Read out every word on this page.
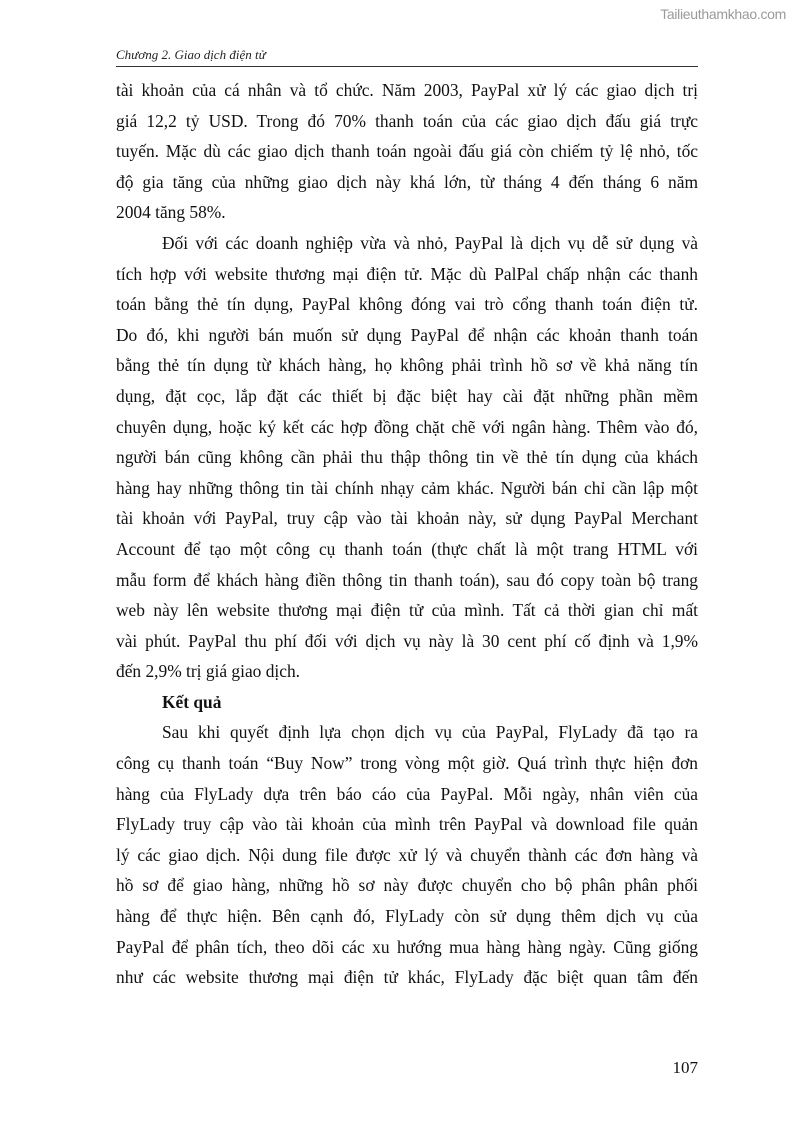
Tailieuthamkhao.com
Chương 2. Giao dịch điện tử
tài khoản của cá nhân và tổ chức. Năm 2003, PayPal xử lý các giao dịch trị
giá 12,2 tỷ USD. Trong đó 70% thanh toán của các giao dịch đấu giá trực
tuyến. Mặc dù các giao dịch thanh toán ngoài đấu giá còn chiếm tỷ lệ nhỏ, tốc
độ gia tăng của những giao dịch này khá lớn, từ tháng 4 đến tháng 6 năm
2004 tăng 58%.
Đối với các doanh nghiệp vừa và nhỏ, PayPal là dịch vụ dễ sử dụng và
tích hợp với website thương mại điện tử. Mặc dù PalPal chấp nhận các thanh
toán bằng thẻ tín dụng, PayPal không đóng vai trò cổng thanh toán điện tử.
Do đó, khi người bán muốn sử dụng PayPal để nhận các khoản thanh toán
bằng thẻ tín dụng từ khách hàng, họ không phải trình hồ sơ về khả năng tín
dụng, đặt cọc, lắp đặt các thiết bị đặc biệt hay cài đặt những phần mềm
chuyên dụng, hoặc ký kết các hợp đồng chặt chẽ với ngân hàng. Thêm vào đó,
người bán cũng không cần phải thu thập thông tin về thẻ tín dụng của khách
hàng hay những thông tin tài chính nhạy cảm khác. Người bán chỉ cần lập một
tài khoản với PayPal, truy cập vào tài khoản này, sử dụng PayPal Merchant
Account để tạo một công cụ thanh toán (thực chất là một trang HTML với
mẫu form để khách hàng điền thông tin thanh toán), sau đó copy toàn bộ trang
web này lên website thương mại điện tử của mình. Tất cả thời gian chỉ mất
vài phút. PayPal thu phí đối với dịch vụ này là 30 cent phí cố định và 1,9%
đến 2,9% trị giá giao dịch.
Kết quả
Sau khi quyết định lựa chọn dịch vụ của PayPal, FlyLady đã tạo ra
công cụ thanh toán “Buy Now” trong vòng một giờ. Quá trình thực hiện đơn
hàng của FlyLady dựa trên báo cáo của PayPal. Mỗi ngày, nhân viên của
FlyLady truy cập vào tài khoản của mình trên PayPal và download file quản
lý các giao dịch. Nội dung file được xử lý và chuyển thành các đơn hàng và
hồ sơ để giao hàng, những hồ sơ này được chuyển cho bộ phân phân phối
hàng để thực hiện. Bên cạnh đó, FlyLady còn sử dụng thêm dịch vụ của
PayPal để phân tích, theo dõi các xu hướng mua hàng hàng ngày. Cũng giống
như các website thương mại điện tử khác, FlyLady đặc biệt quan tâm đến
107
